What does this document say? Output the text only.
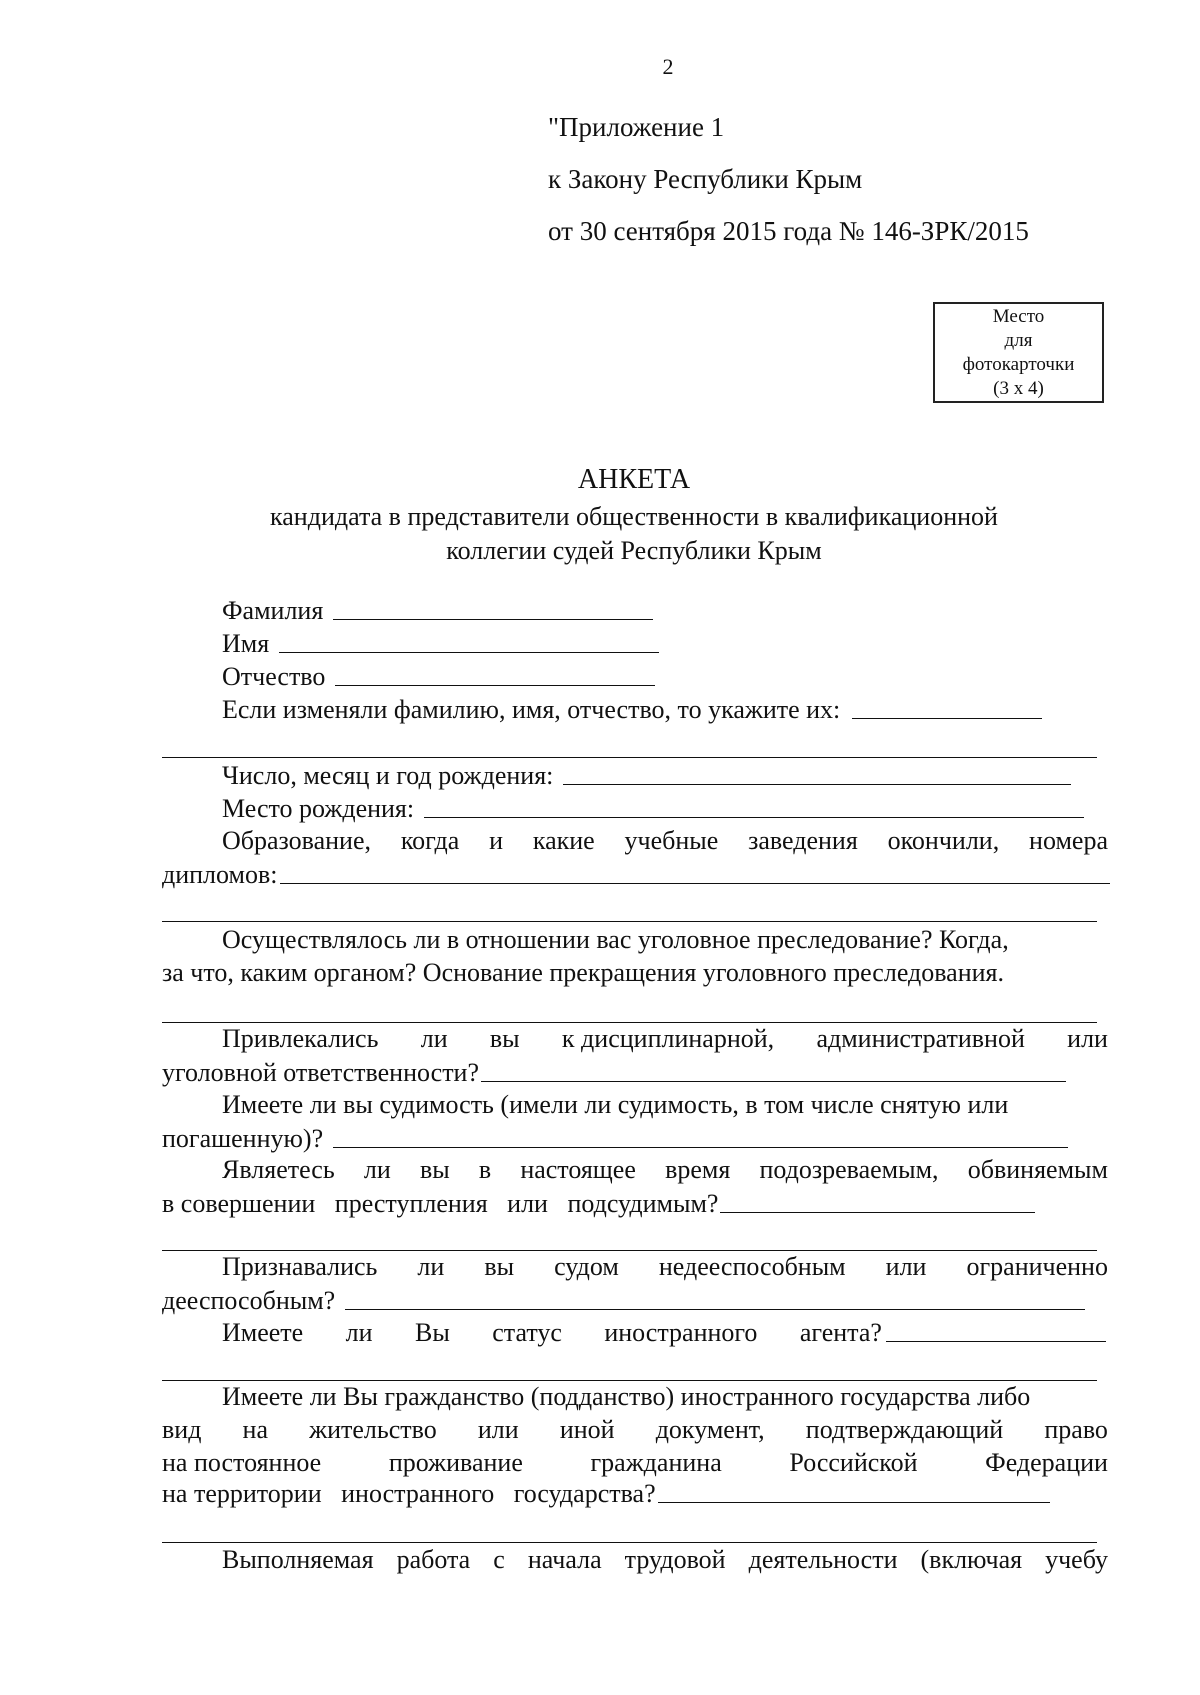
2
"Приложение 1
к Закону Республики Крым
от 30 сентября 2015 года № 146-ЗРК/2015
Место
для
фотокарточки
(3 х 4)
АНКЕТА
кандидата в представители общественности в квалификационной
коллегии судей Республики Крым
Фамилия
Имя
Отчество
Если изменяли фамилию, имя, отчество, то укажите их:
Число, месяц и год рождения:
Место рождения:
Образование, когда и какие учебные заведения окончили, номера
дипломов:
Осуществлялось ли в отношении вас уголовное преследование? Когда,
за что, каким органом? Основание прекращения уголовного преследования.
Привлекались ли вы к дисциплинарной, административной или
уголовной ответственности?
Имеете ли вы судимость (имели ли судимость, в том числе снятую или
погашенную)?
Являетесь ли вы в настоящее время подозреваемым, обвиняемым
в совершении   преступления   или   подсудимым?
Признавались ли вы судом недееспособным или ограниченно
дееспособным?
Имеете ли Вы статус иностранного агента?
Имеете ли Вы гражданство (подданство) иностранного государства либо
вид на жительство или иной документ, подтверждающий право
на постоянное	проживание	гражданина	Российской	Федерации
на территории   иностранного   государства?
Выполняемая работа с начала трудовой деятельности (включая учебу
